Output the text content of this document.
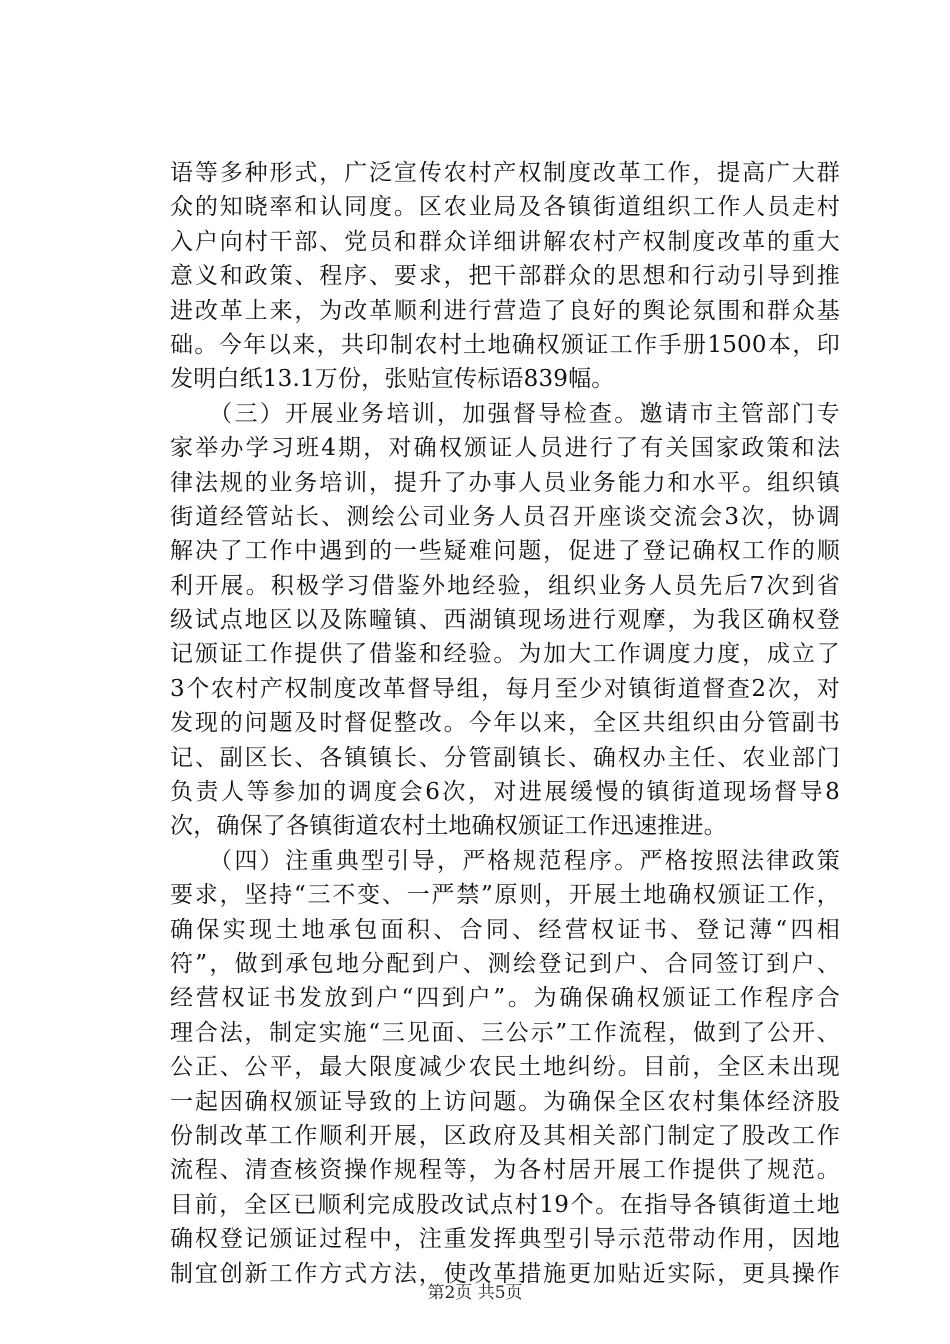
语等多种形式，广泛宣传农村产权制度改革工作，提高广大群
众的知晓率和认同度。区农业局及各镇街道组织工作人员走村
入户向村干部、党员和群众详细讲解农村产权制度改革的重大
意义和政策、程序、要求，把干部群众的思想和行动引导到推
进改革上来，为改革顺利进行营造了良好的舆论氛围和群众基
础。今年以来，共印制农村土地确权颁证工作手册1500本，印
发明白纸13.1万份，张贴宣传标语839幅。
　　（三）开展业务培训，加强督导检查。邀请市主管部门专
家举办学习班4期，对确权颁证人员进行了有关国家政策和法
律法规的业务培训，提升了办事人员业务能力和水平。组织镇
街道经管站长、测绘公司业务人员召开座谈交流会3次，协调
解决了工作中遇到的一些疑难问题，促进了登记确权工作的顺
利开展。积极学习借鉴外地经验，组织业务人员先后7次到省
级试点地区以及陈疃镇、西湖镇现场进行观摩，为我区确权登
记颁证工作提供了借鉴和经验。为加大工作调度力度，成立了
3个农村产权制度改革督导组，每月至少对镇街道督查2次，对
发现的问题及时督促整改。今年以来，全区共组织由分管副书
记、副区长、各镇镇长、分管副镇长、确权办主任、农业部门
负责人等参加的调度会6次，对进展缓慢的镇街道现场督导8
次，确保了各镇街道农村土地确权颁证工作迅速推进。
　　（四）注重典型引导，严格规范程序。严格按照法律政策
要求，坚持“三不变、一严禁”原则，开展土地确权颁证工作，
确保实现土地承包面积、合同、经营权证书、登记薄“四相
符”，做到承包地分配到户、测绘登记到户、合同签订到户、
经营权证书发放到户“四到户”。为确保确权颁证工作程序合
理合法，制定实施“三见面、三公示”工作流程，做到了公开、
公正、公平，最大限度减少农民土地纠纷。目前，全区未出现
一起因确权颁证导致的上访问题。为确保全区农村集体经济股
份制改革工作顺利开展，区政府及其相关部门制定了股改工作
流程、清查核资操作规程等，为各村居开展工作提供了规范。
目前，全区已顺利完成股改试点村19个。在指导各镇街道土地
确权登记颁证过程中，注重发挥典型引导示范带动作用，因地
制宜创新工作方式方法，使改革措施更加贴近实际，更具操作
第2页 共5页
